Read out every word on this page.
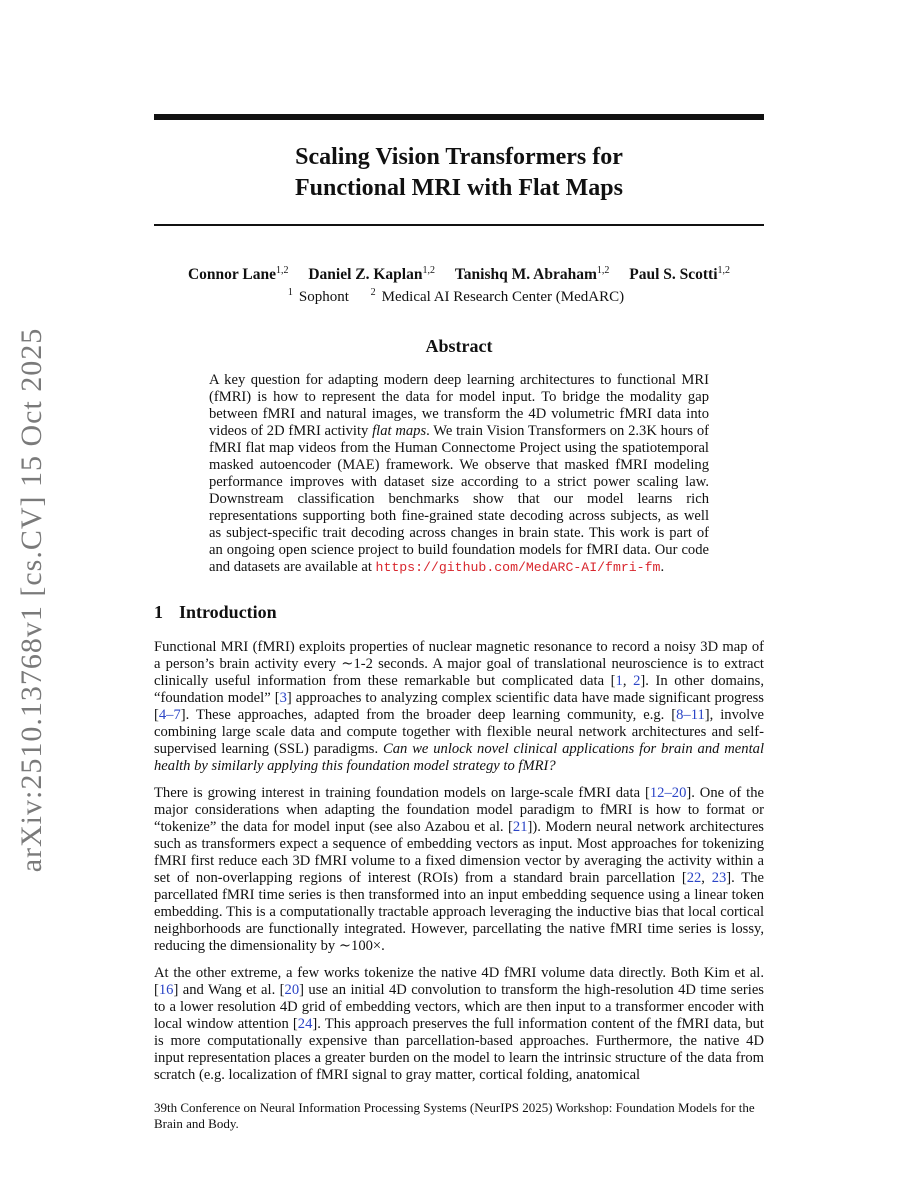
arXiv:2510.13768v1 [cs.CV] 15 Oct 2025
Scaling Vision Transformers for
Functional MRI with Flat Maps
Connor Lane$^{1,2}$ Daniel Z. Kaplan$^{1,2}$ Tanishq M. Abraham$^{1,2}$ Paul S. Scotti$^{1,2}$
$^1$ Sophont $^2$ Medical AI Research Center (MedARC)
Abstract
A key question for adapting modern deep learning architectures to functional MRI (fMRI) is how to represent the data for model input. To bridge the modality gap between fMRI and natural images, we transform the 4D volumetric fMRI data into videos of 2D fMRI activity flat maps. We train Vision Transformers on 2.3K hours of fMRI flat map videos from the Human Connectome Project using the spatiotemporal masked autoencoder (MAE) framework. We observe that masked fMRI modeling performance improves with dataset size according to a strict power scaling law. Downstream classification benchmarks show that our model learns rich representations supporting both fine-grained state decoding across subjects, as well as subject-specific trait decoding across changes in brain state. This work is part of an ongoing open science project to build foundation models for fMRI data. Our code and datasets are available at https://github.com/MedARC-AI/fmri-fm.
1 Introduction

Functional MRI (fMRI) exploits properties of nuclear magnetic resonance to record a noisy 3D map of a person’s brain activity every ∼1-2 seconds. A major goal of translational neuroscience is to extract clinically useful information from these remarkable but complicated data [1, 2]. In other domains, “foundation model” [3] approaches to analyzing complex scientific data have made significant progress [4–7]. These approaches, adapted from the broader deep learning community, e.g. [8–11], involve combining large scale data and compute together with flexible neural network architectures and self-supervised learning (SSL) paradigms. Can we unlock novel clinical applications for brain and mental health by similarly applying this foundation model strategy to fMRI?

There is growing interest in training foundation models on large-scale fMRI data [12–20]. One of the major considerations when adapting the foundation model paradigm to fMRI is how to format or “tokenize” the data for model input (see also Azabou et al. [21]). Modern neural network architectures such as transformers expect a sequence of embedding vectors as input. Most approaches for tokenizing fMRI first reduce each 3D fMRI volume to a fixed dimension vector by averaging the activity within a set of non-overlapping regions of interest (ROIs) from a standard brain parcellation [22, 23]. The parcellated fMRI time series is then transformed into an input embedding sequence using a linear token embedding. This is a computationally tractable approach leveraging the inductive bias that local cortical neighborhoods are functionally integrated. However, parcellating the native fMRI time series is lossy, reducing the dimensionality by ∼100×.

At the other extreme, a few works tokenize the native 4D fMRI volume data directly. Both Kim et al. [16] and Wang et al. [20] use an initial 4D convolution to transform the high-resolution 4D time series to a lower resolution 4D grid of embedding vectors, which are then input to a transformer encoder with local window attention [24]. This approach preserves the full information content of the fMRI data, but is more computationally expensive than parcellation-based approaches. Furthermore, the native 4D input representation places a greater burden on the model to learn the intrinsic structure of the data from scratch (e.g. localization of fMRI signal to gray matter, cortical folding, anatomical

39th Conference on Neural Information Processing Systems (NeurIPS 2025) Workshop: Foundation Models for the Brain and Body.
